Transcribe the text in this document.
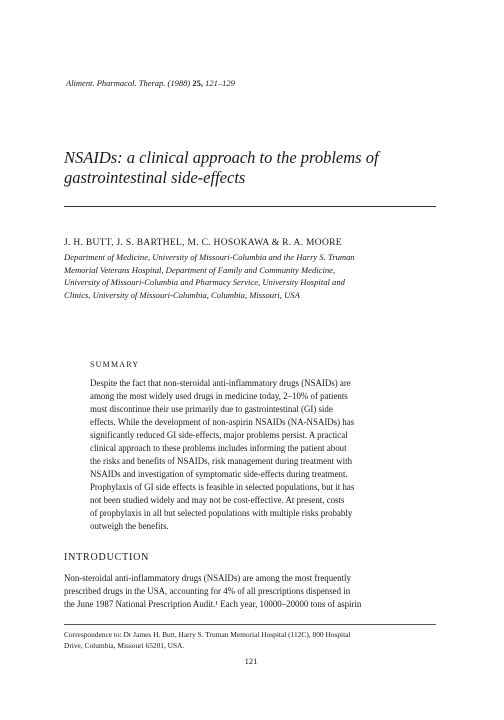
Aliment. Pharmacol. Therap. (1988) 25, 121–129
NSAIDs: a clinical approach to the problems of
gastrointestinal side-effects
J. H. BUTT, J. S. BARTHEL, M. C. HOSOKAWA & R. A. MOORE
Department of Medicine, University of Missouri-Columbia and the Harry S. Truman
Memorial Veterans Hospital, Department of Family and Community Medicine,
University of Missouri-Columbia and Pharmacy Service, University Hospital and
Clinics, University of Missouri-Columbia, Columbia, Missouri, USA
SUMMARY
Despite the fact that non-steroidal anti-inflammatory drugs (NSAIDs) are
among the most widely used drugs in medicine today, 2–10% of patients
must discontinue their use primarily due to gastrointestinal (GI) side
effects. While the development of non-aspirin NSAIDs (NA-NSAIDs) has
significantly reduced GI side-effects, major problems persist. A practical
clinical approach to these problems includes informing the patient about
the risks and benefits of NSAIDs, risk management during treatment with
NSAIDs and investigation of symptomatic side-effects during treatment.
Prophylaxis of GI side effects is feasible in selected populations, but it has
not been studied widely and may not be cost-effective. At present, costs
of prophylaxis in all but selected populations with multiple risks probably
outweigh the benefits.
INTRODUCTION
Non-steroidal anti-inflammatory drugs (NSAIDs) are among the most frequently
prescribed drugs in the USA, accounting for 4% of all prescriptions dispensed in
the June 1987 National Prescription Audit.¹ Each year, 10000–20000 tons of aspirin
Correspondence to: Dr James H. Butt, Harry S. Truman Memorial Hospital (112C), 800 Hospital
Drive, Columbia, Missouri 65201, USA.
121
